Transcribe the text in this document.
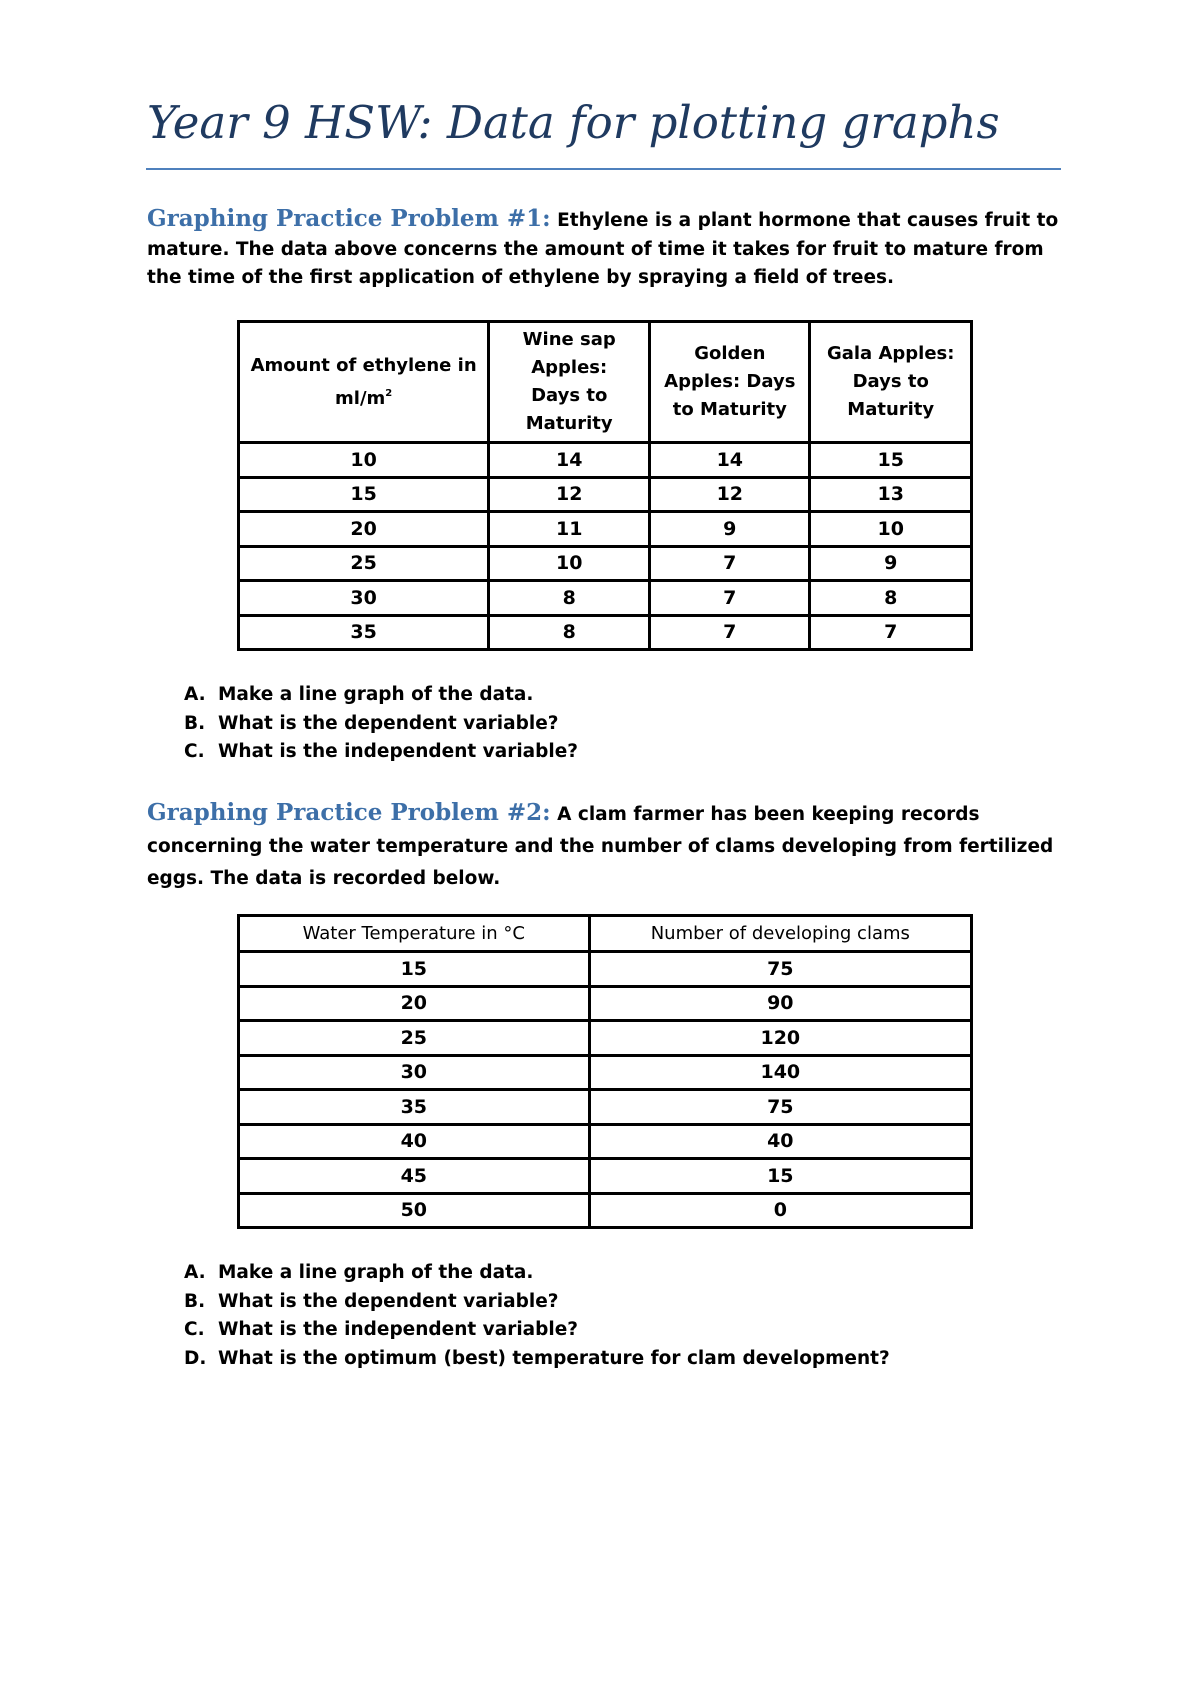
Year 9 HSW: Data for plotting graphs
Graphing Practice Problem #1: Ethylene is a plant hormone that causes fruit to mature. The data above concerns the amount of time it takes for fruit to mature from the time of the first application of ethylene by spraying a field of trees.
Amount of ethylene in $ml/m^2$	Wine sap Apples: Days to Maturity	Golden Apples: Days to Maturity	Gala Apples: Days to Maturity
10	14	14	15
15	12	12	13
20	11	9	10
25	10	7	9
30	8	7	8
35	8	7	7
A. Make a line graph of the data.
B. What is the dependent variable?
C. What is the independent variable?
Graphing Practice Problem #2: A clam farmer has been keeping records concerning the water temperature and the number of clams developing from fertilized eggs. The data is recorded below.
Water Temperature in °C	Number of developing clams
15	75
20	90
25	120
30	140
35	75
40	40
45	15
50	0
A. Make a line graph of the data.
B. What is the dependent variable?
C. What is the independent variable?
D. What is the optimum (best) temperature for clam development?
